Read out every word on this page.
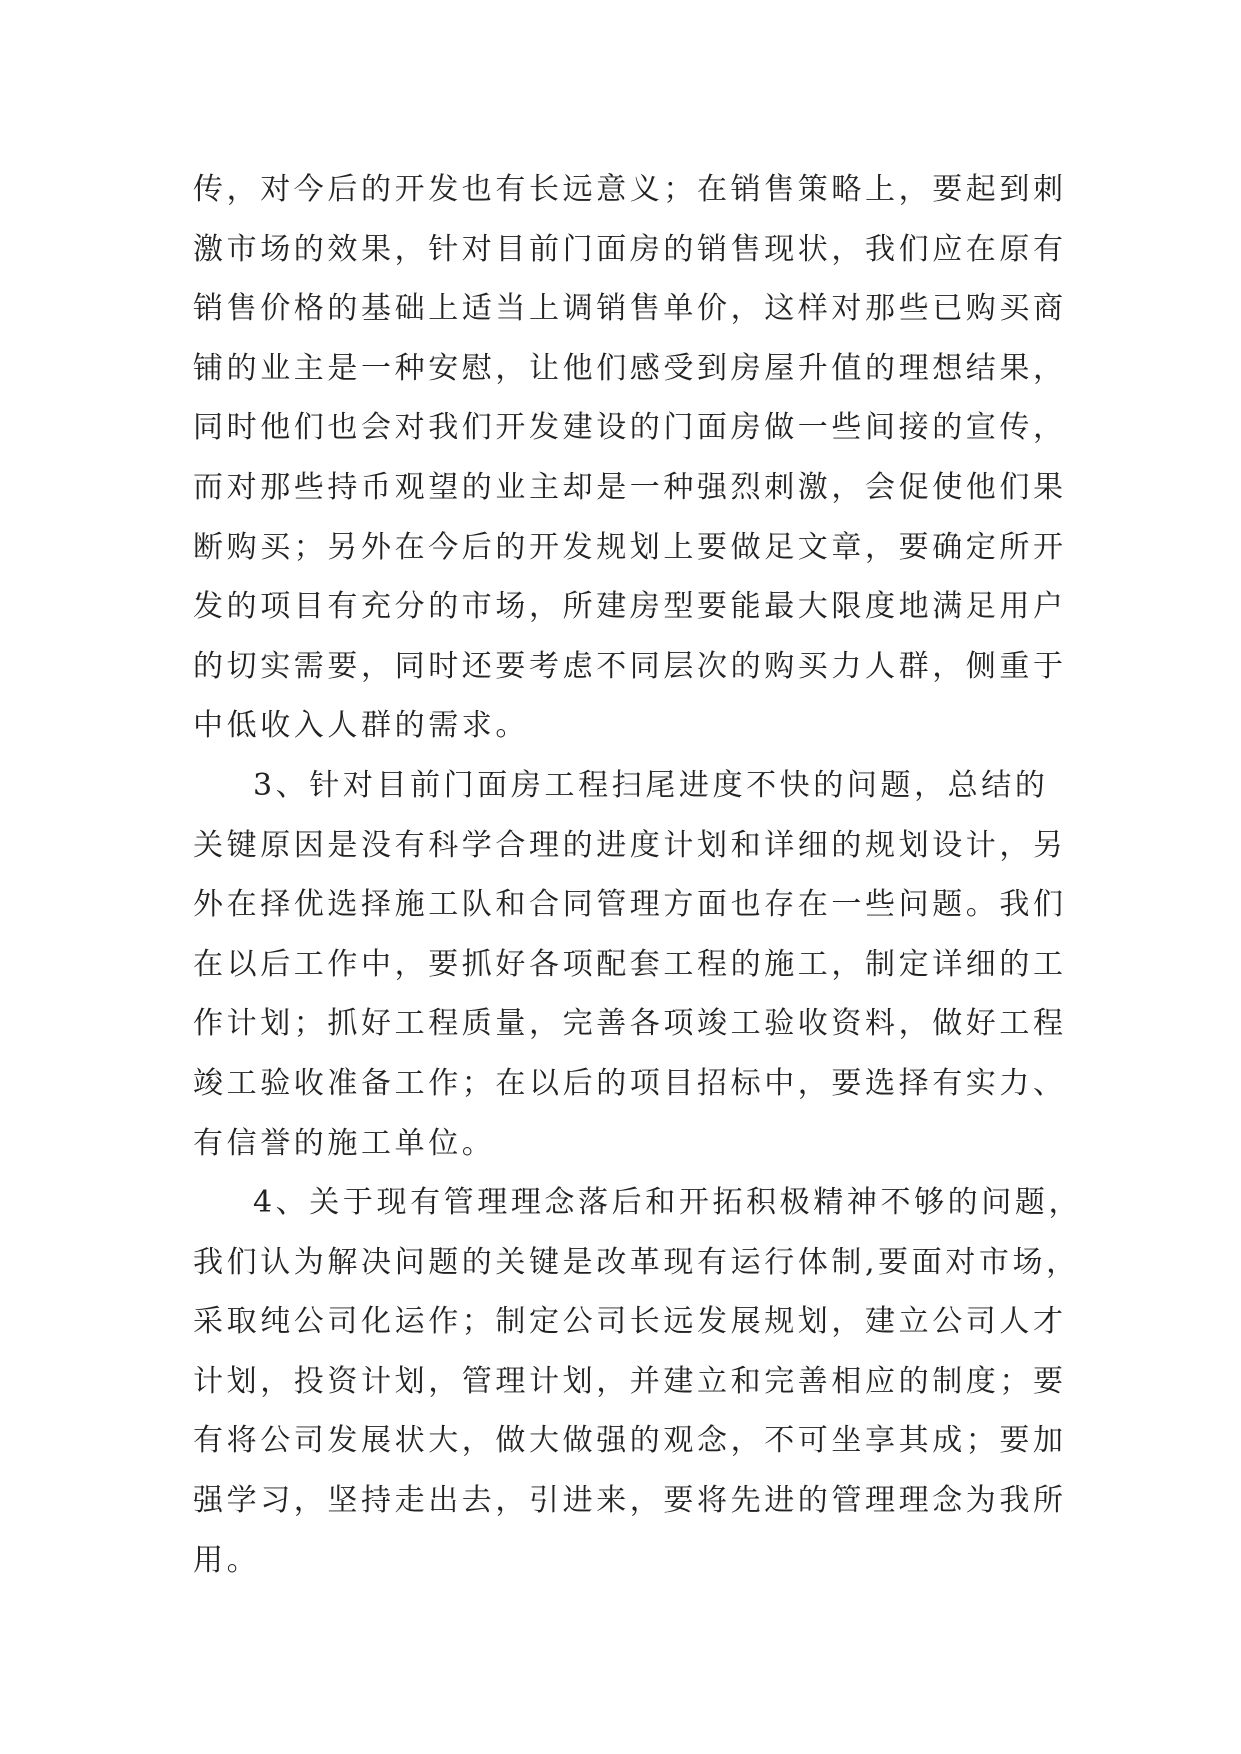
传，对今后的开发也有长远意义；在销售策略上，要起到刺
激市场的效果，针对目前门面房的销售现状，我们应在原有
销售价格的基础上适当上调销售单价，这样对那些已购买商
铺的业主是一种安慰，让他们感受到房屋升值的理想结果，
同时他们也会对我们开发建设的门面房做一些间接的宣传，
而对那些持币观望的业主却是一种强烈刺激，会促使他们果
断购买；另外在今后的开发规划上要做足文章，要确定所开
发的项目有充分的市场，所建房型要能最大限度地满足用户
的切实需要，同时还要考虑不同层次的购买力人群，侧重于
中低收入人群的需求。
3、针对目前门面房工程扫尾进度不快的问题，总结的
关键原因是没有科学合理的进度计划和详细的规划设计，另
外在择优选择施工队和合同管理方面也存在一些问题。我们
在以后工作中，要抓好各项配套工程的施工，制定详细的工
作计划；抓好工程质量，完善各项竣工验收资料，做好工程
竣工验收准备工作；在以后的项目招标中，要选择有实力、
有信誉的施工单位。
4、关于现有管理理念落后和开拓积极精神不够的问题，
我们认为解决问题的关键是改革现有运行体制,要面对市场，
采取纯公司化运作；制定公司长远发展规划，建立公司人才
计划，投资计划，管理计划，并建立和完善相应的制度；要
有将公司发展状大，做大做强的观念，不可坐享其成；要加
强学习，坚持走出去，引进来，要将先进的管理理念为我所
用。
